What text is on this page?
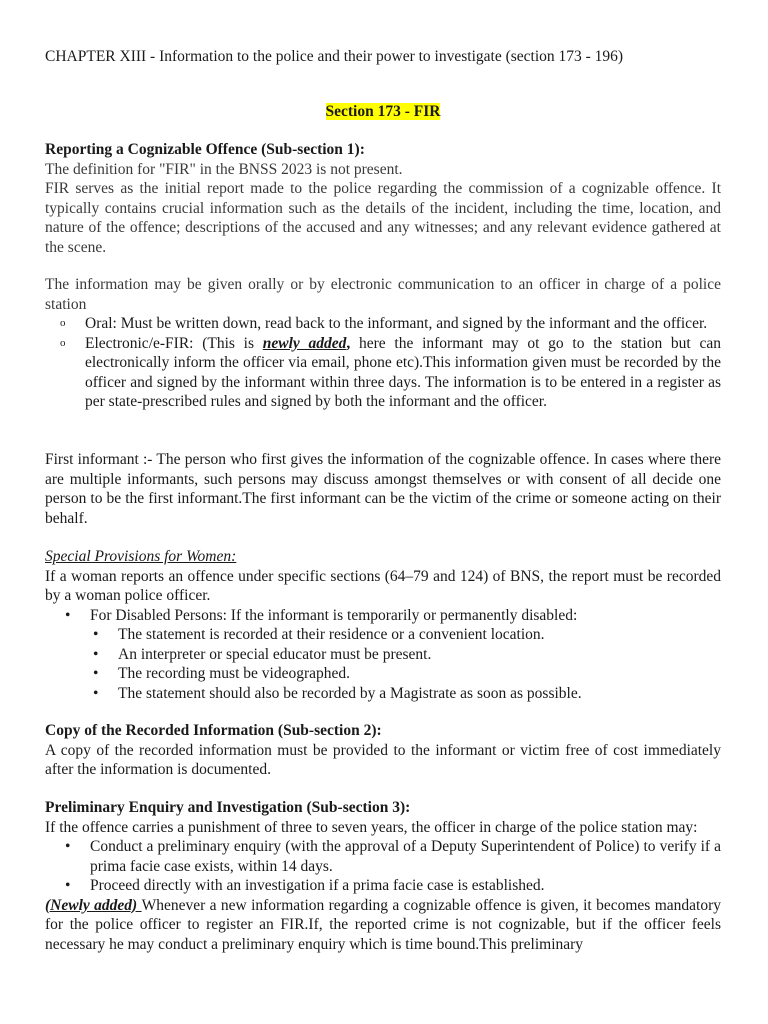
CHAPTER XIII - Information to the police and their power to investigate (section 173 - 196)

Section 173 - FIR

Reporting a Cognizable Offence (Sub-section 1):
The definition for "FIR" in the BNSS 2023 is not present.
FIR serves as the initial report made to the police regarding the commission of a cognizable offence. It typically contains crucial information such as the details of the incident, including the time, location, and nature of the offence; descriptions of the accused and any witnesses; and any relevant evidence gathered at the scene.
The information may be given orally or by electronic communication to an officer in charge of a police station
o Oral: Must be written down, read back to the informant, and signed by the informant and the officer.
o Electronic/e-FIR: (This is newly added, here the informant may ot go to the station but can electronically inform the officer via email, phone etc).This information given must be recorded by the officer and signed by the informant within three days. The information is to be entered in a register as per state-prescribed rules and signed by both the informant and the officer.

First informant :- The person who first gives the information of the cognizable offence. In cases where there are multiple informants, such persons may discuss amongst themselves or with consent of all decide one person to be the first informant.The first informant can be the victim of the crime or someone acting on their behalf.

Special Provisions for Women:
If a woman reports an offence under specific sections (64–79 and 124) of BNS, the report must be recorded by a woman police officer.
• For Disabled Persons: If the informant is temporarily or permanently disabled:
• The statement is recorded at their residence or a convenient location.
• An interpreter or special educator must be present.
• The recording must be videographed.
• The statement should also be recorded by a Magistrate as soon as possible.
Copy of the Recorded Information (Sub-section 2):
A copy of the recorded information must be provided to the informant or victim free of cost immediately after the information is documented.
Preliminary Enquiry and Investigation (Sub-section 3):
If the offence carries a punishment of three to seven years, the officer in charge of the police station may:
• Conduct a preliminary enquiry (with the approval of a Deputy Superintendent of Police) to verify if a prima facie case exists, within 14 days.
• Proceed directly with an investigation if a prima facie case is established.
(Newly added) Whenever a new information regarding a cognizable offence is given, it becomes mandatory for the police officer to register an FIR.If, the reported crime is not cognizable, but if the officer feels necessary he may conduct a preliminary enquiry which is time bound.This preliminary
